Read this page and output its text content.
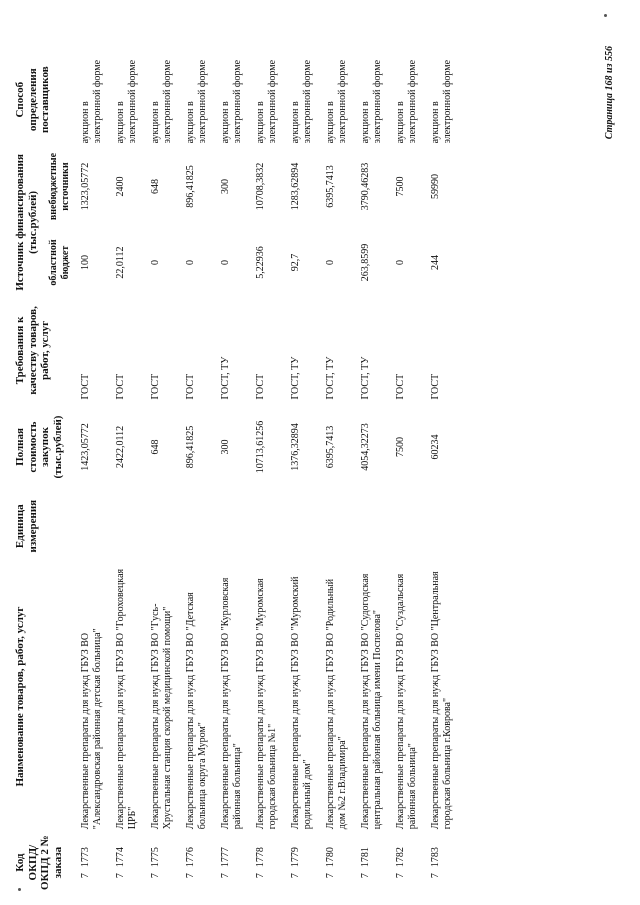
Код ОКПД/ ОКПД 2 № заказа	Наименование товаров, работ, услуг	Единица измерения	Полная стоимость закупок (тыс.рублей)	Требования к качеству товаров, работ, услуг	Источник финансирования (тыс.рублей)		Способ определения поставщиков
					областной бюджет	внебюджетные источники	
71773	Лекарственные препараты для нужд ГБУЗ ВО "Александровская районная детская больница"		1423,05772	ГОСТ	100	1323,05772	аукцион в электронной форме
71774	Лекарственные препараты для нужд ГБУЗ ВО "Гороховецкая ЦРБ"		2422,0112	ГОСТ	22,0112	2400	аукцион в электронной форме
71775	Лекарственные препараты для нужд ГБУЗ ВО "Гусь-Хрустальная станция скорой медицинской помощи"		648	ГОСТ	0	648	аукцион в электронной форме
71776	Лекарственные препараты для нужд ГБУЗ ВО "Детская больница округа Муром"		896,41825	ГОСТ	0	896,41825	аукцион в электронной форме
71777	Лекарственные препараты для нужд ГБУЗ ВО "Курловская районная больница"		300	ГОСТ, ТУ	0	300	аукцион в электронной форме
71778	Лекарственные препараты для нужд ГБУЗ ВО "Муромская городская больница №1"		10713,61256	ГОСТ	5,22936	10708,3832	аукцион в электронной форме
71779	Лекарственные препараты для нужд ГБУЗ ВО "Муромский родильный дом"		1376,32894	ГОСТ, ТУ	92,7	1283,62894	аукцион в электронной форме
71780	Лекарственные препараты для нужд ГБУЗ ВО "Родильный дом №2 г.Владимира"		6395,7413	ГОСТ, ТУ	0	6395,7413	аукцион в электронной форме
71781	Лекарственные препараты для нужд ГБУЗ ВО "Судогодская центральная районная больница имени Поспелова"		4054,32273	ГОСТ, ТУ	263,8599	3790,46283	аукцион в электронной форме
71782	Лекарственные препараты для нужд ГБУЗ ВО "Суздальская районная больница"		7500	ГОСТ	0	7500	аукцион в электронной форме
71783	Лекарственные препараты для нужд ГБУЗ ВО "Центральная городская больница г.Коврова"		60234	ГОСТ	244	59990	аукцион в электронной форме	Страница 168 из 556
